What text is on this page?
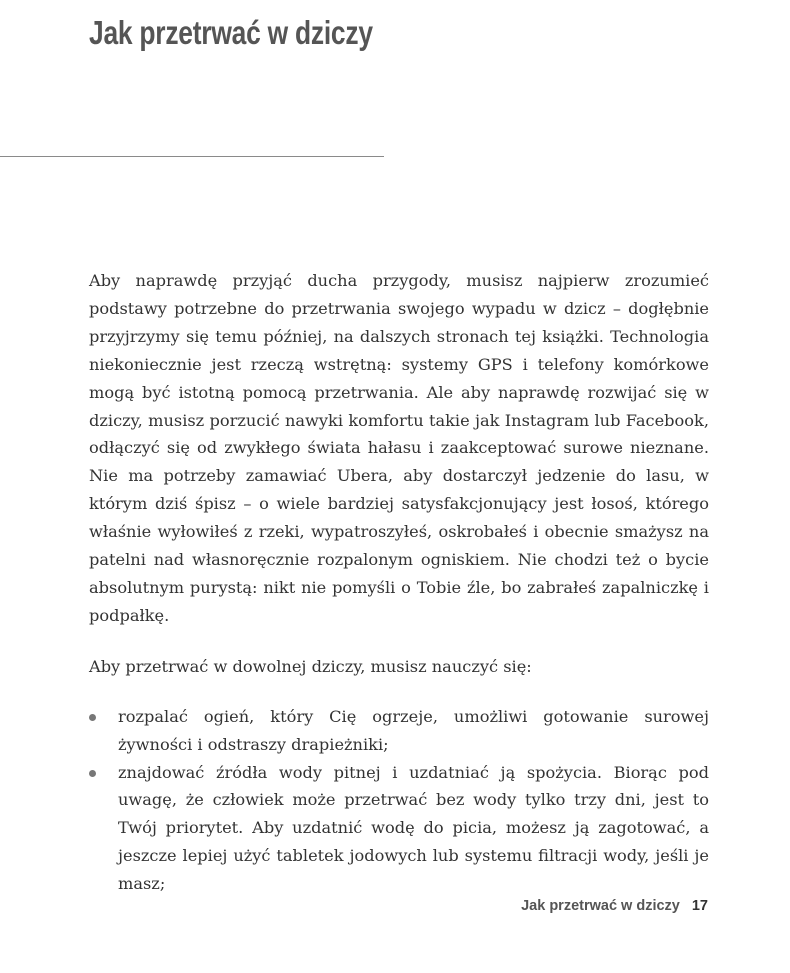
Jak przetrwać w dziczy

Aby naprawdę przyjąć ducha przygody, musisz najpierw zrozumieć podstawy potrzebne do przetrwania swojego wypadu w dzicz – dogłębnie przyjrzymy się temu później, na dalszych stronach tej książki. Technologia niekoniecznie jest rzeczą wstrętną: systemy GPS i telefony komórkowe mogą być istotną pomocą przetrwania. Ale aby naprawdę rozwijać się w dziczy, musisz porzucić nawyki komfortu takie jak Instagram lub Facebook, odłączyć się od zwykłego świata hałasu i zaakceptować surowe nieznane. Nie ma potrzeby zamawiać Ubera, aby dostarczył jedzenie do lasu, w którym dziś śpisz – o wiele bardziej satysfakcjonujący jest łosoś, którego właśnie wyłowiłeś z rzeki, wypatroszyłeś, oskrobałeś i obecnie smażysz na patelni nad własnoręcznie rozpalonym ogniskiem. Nie chodzi też o bycie absolutnym purystą: nikt nie pomyśli o Tobie źle, bo zabrałeś zapalniczkę i podpałkę.

Aby przetrwać w dowolnej dziczy, musisz nauczyć się:

rozpalać ogień, który Cię ogrzeje, umożliwi gotowanie surowej żywności i odstraszy drapieżniki;
znajdować źródła wody pitnej i uzdatniać ją spożycia. Biorąc pod uwagę, że człowiek może przetrwać bez wody tylko trzy dni, jest to Twój priorytet. Aby uzdatnić wodę do picia, możesz ją zagotować, a jeszcze lepiej użyć tabletek jodowych lub systemu filtracji wody, jeśli je masz;
Jak przetrwać w dziczy 17
